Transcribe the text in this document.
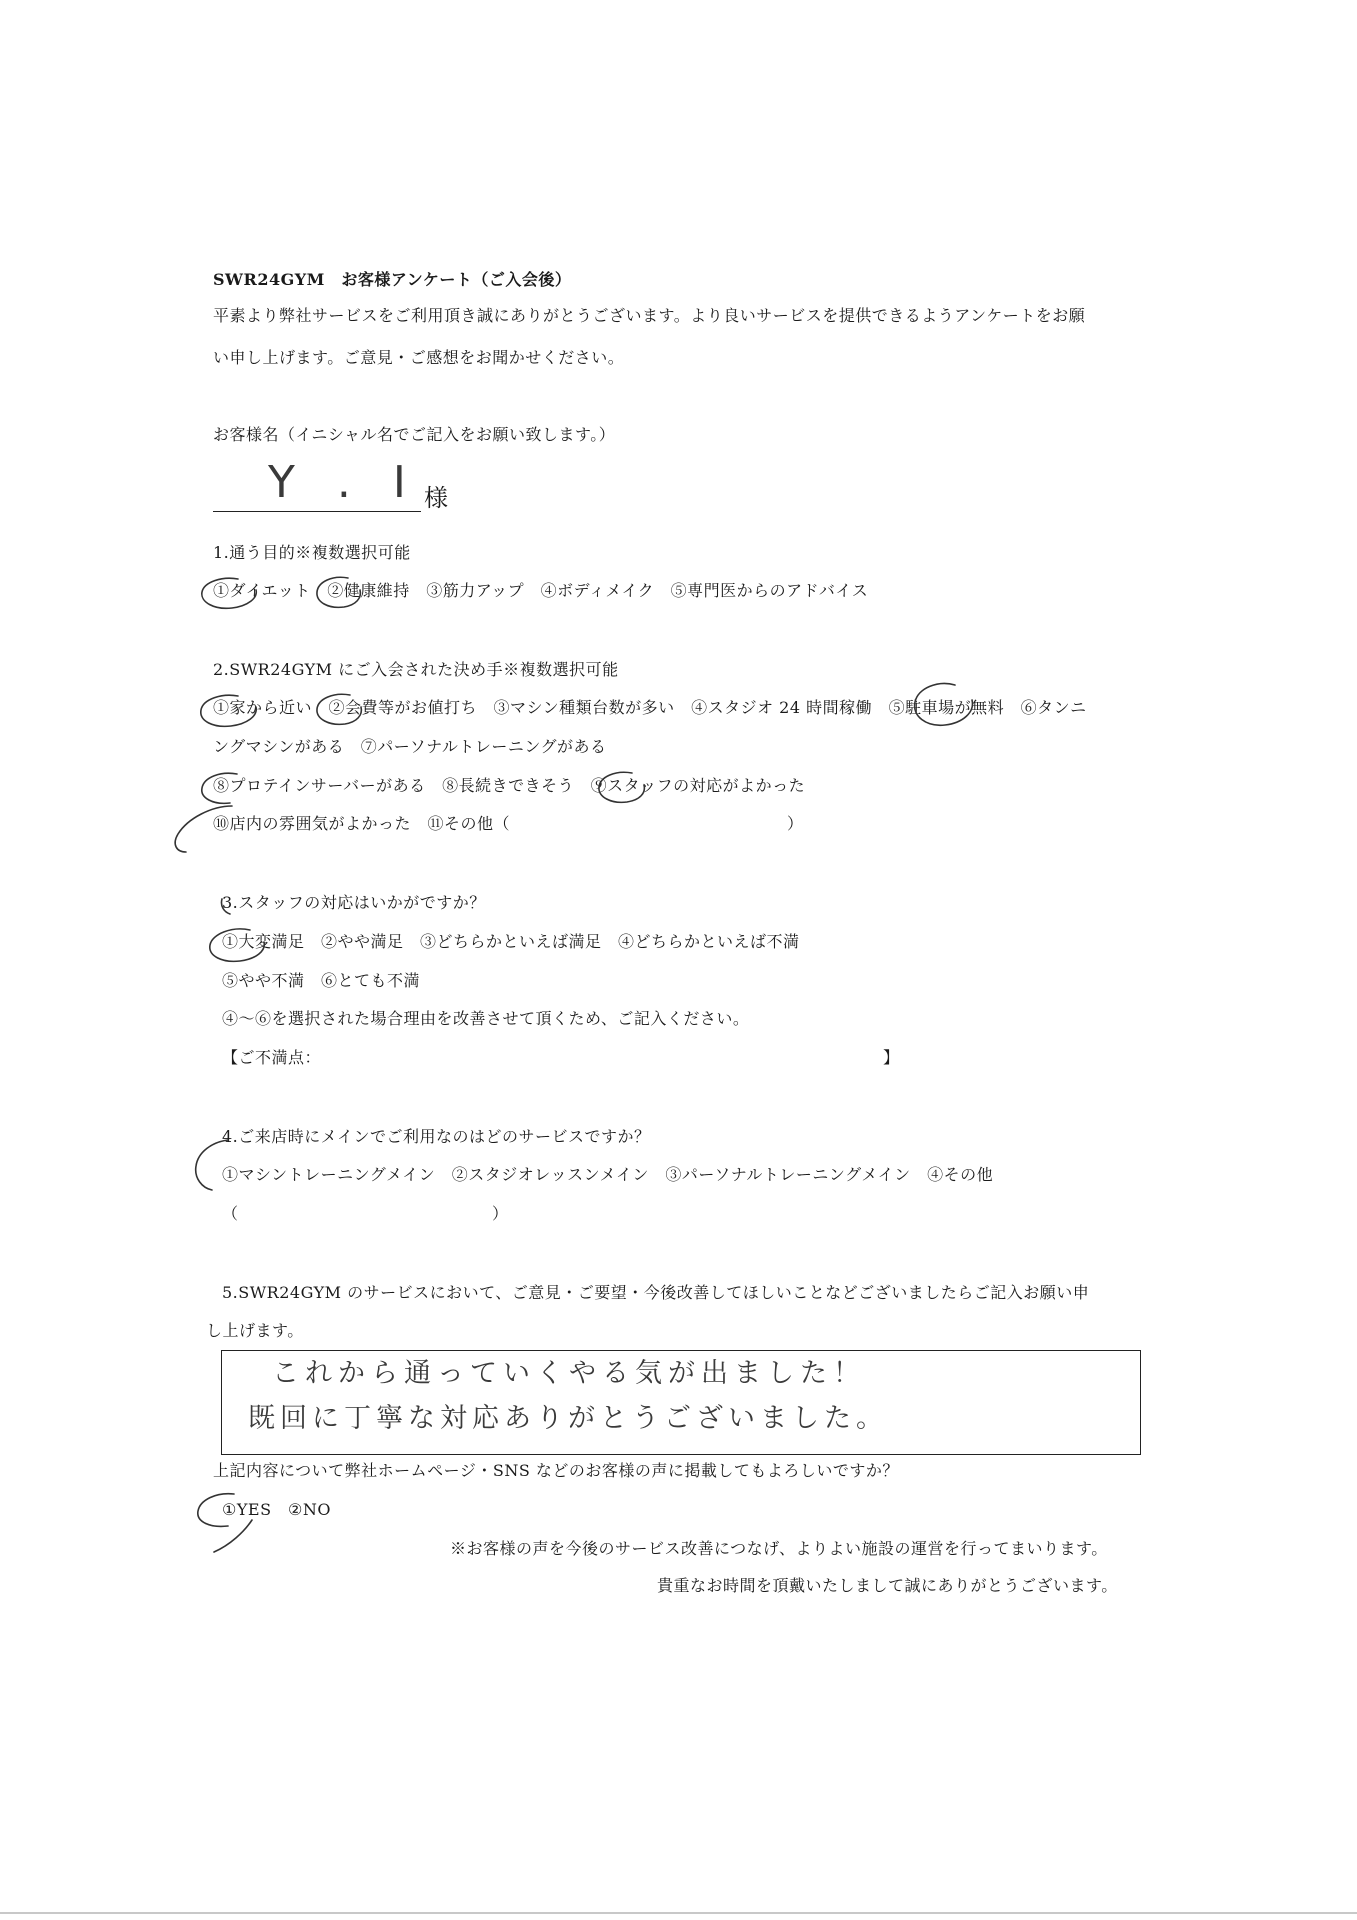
SWR24GYM　お客様アンケート（ご入会後）
平素より弊社サービスをご利用頂き誠にありがとうございます。より良いサービスを提供できるようアンケートをお願
い申し上げます。ご意見・ご感想をお聞かせください。
お客様名（イニシャル名でご記入をお願い致します。）
Y . I 様
1.通う目的※複数選択可能
①ダイエット　②健康維持　③筋力アップ　④ボディメイク　⑤専門医からのアドバイス
2.SWR24GYM にご入会された決め手※複数選択可能
①家から近い　②会費等がお値打ち　③マシン種類台数が多い　④スタジオ 24 時間稼働　⑤駐車場が無料　⑥タンニ
ングマシンがある　⑦パーソナルトレーニングがある
⑧プロテインサーバーがある　⑧長続きできそう　⑨スタッフの対応がよかった
⑩店内の雰囲気がよかった　⑪その他（	）
3.スタッフの対応はいかがですか？
①大変満足　②やや満足　③どちらかといえば満足　④どちらかといえば不満
⑤やや不満　⑥とても不満
④～⑥を選択された場合理由を改善させて頂くため、ご記入ください。
【ご不満点：	】
4.ご来店時にメインでご利用なのはどのサービスですか？
①マシントレーニングメイン　②スタジオレッスンメイン　③パーソナルトレーニングメイン　④その他
（	）
5.SWR24GYM のサービスにおいて、ご意見・ご要望・今後改善してほしいことなどございましたらご記入お願い申
し上げます。
これから通っていくやる気が出ました！
既回に丁寧な対応ありがとうございました。
上記内容について弊社ホームページ・SNS などのお客様の声に掲載してもよろしいですか？
①YES　②NO
※お客様の声を今後のサービス改善につなげ、よりよい施設の運営を行ってまいります。
貴重なお時間を頂戴いたしまして誠にありがとうございます。
